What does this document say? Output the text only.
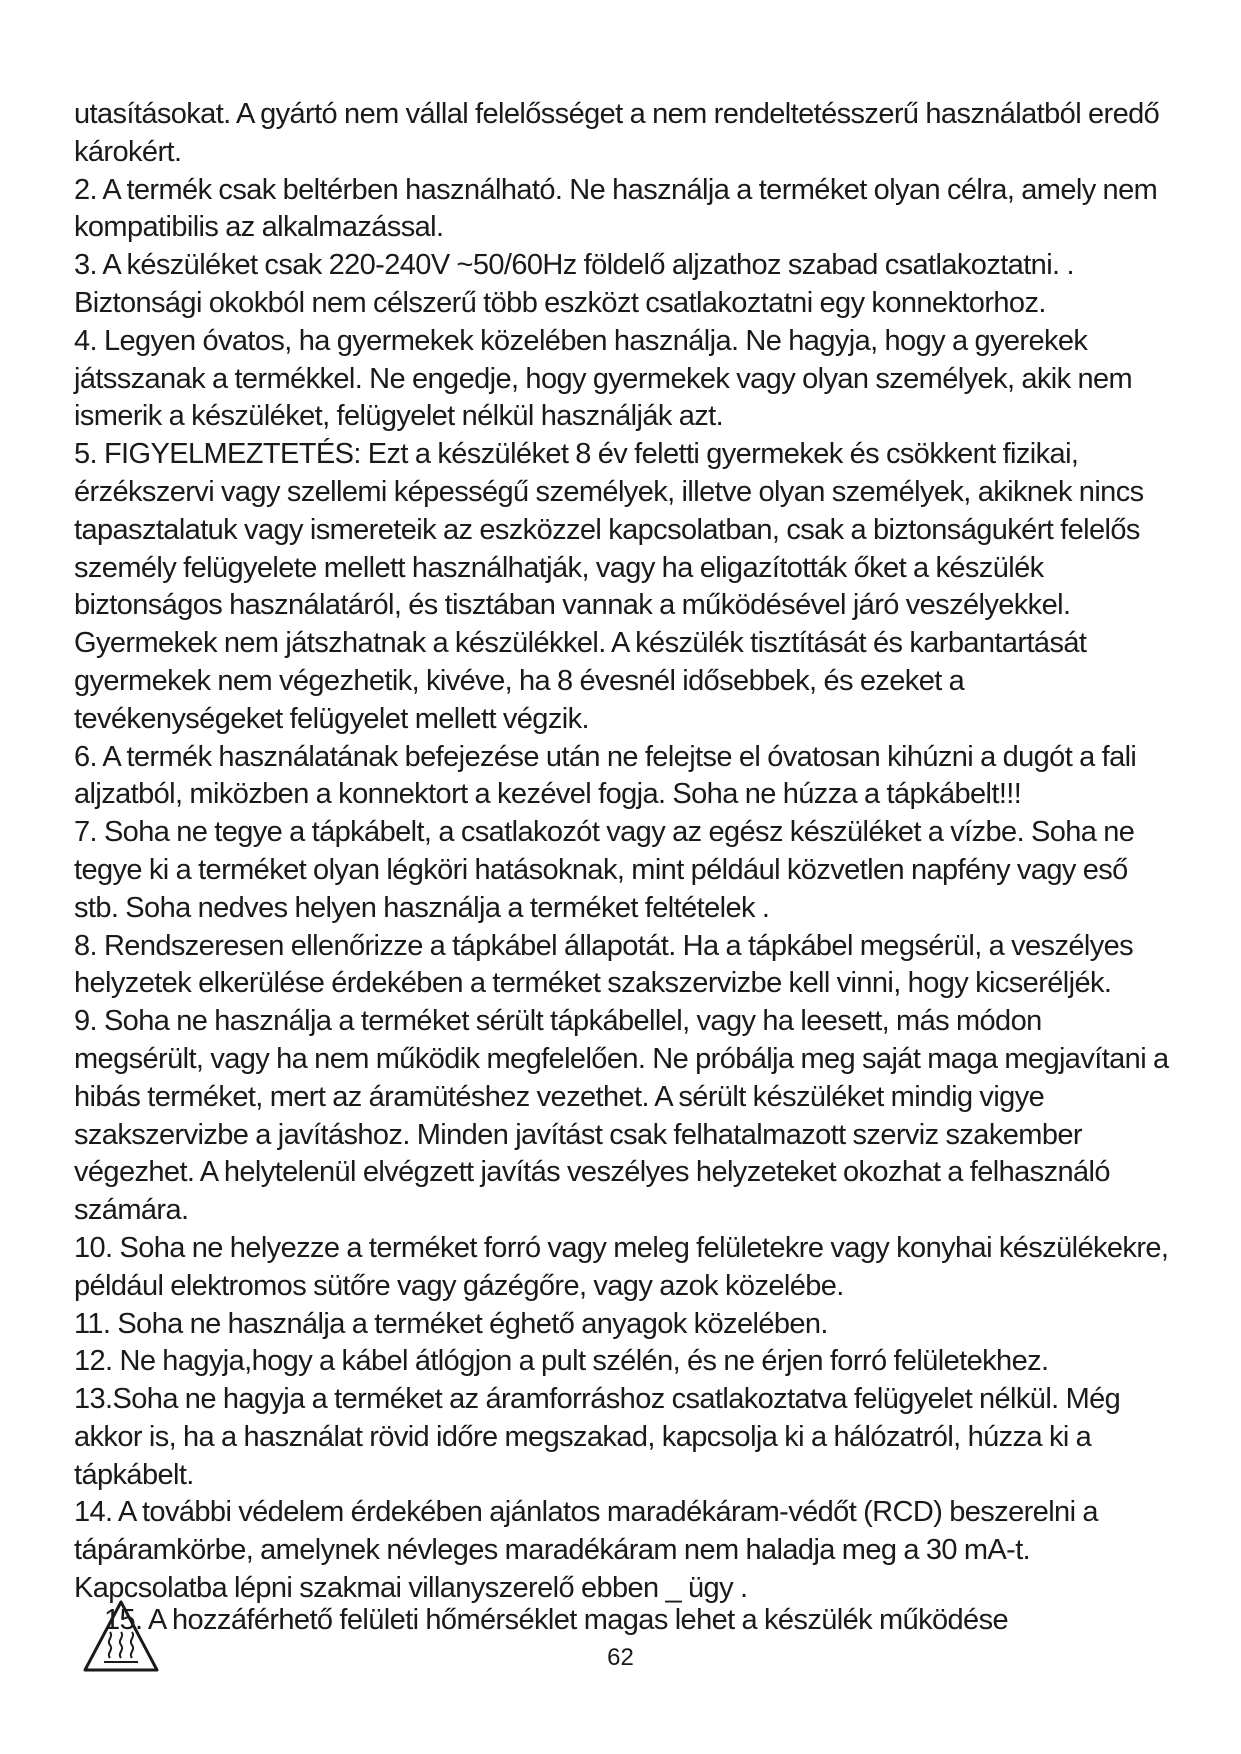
utasításokat. A gyártó nem vállal felelősséget a nem rendeltetésszerű használatból eredő károkért.

2. A termék csak beltérben használható. Ne használja a terméket olyan célra, amely nem kompatibilis az alkalmazással.

3. A készüléket csak 220-240V ~50/60Hz földelő aljzathoz szabad csatlakoztatni. . Biztonsági okokból nem célszerű több eszközt csatlakoztatni egy konnektorhoz.

4. Legyen óvatos, ha gyermekek közelében használja. Ne hagyja, hogy a gyerekek játsszanak a termékkel. Ne engedje, hogy gyermekek vagy olyan személyek, akik nem ismerik a készüléket, felügyelet nélkül használják azt.

5. FIGYELMEZTETÉS: Ezt a készüléket 8 év feletti gyermekek és csökkent fizikai, érzékszervi vagy szellemi képességű személyek, illetve olyan személyek, akiknek nincs tapasztalatuk vagy ismereteik az eszközzel kapcsolatban, csak a biztonságukért felelős személy felügyelete mellett használhatják, vagy ha eligazították őket a készülék biztonságos használatáról, és tisztában vannak a működésével járó veszélyekkel. Gyermekek nem játszhatnak a készülékkel. A készülék tisztítását és karbantartását gyermekek nem végezhetik, kivéve, ha 8 évesnél idősebbek, és ezeket a tevékenységeket felügyelet mellett végzik.

6. A termék használatának befejezése után ne felejtse el óvatosan kihúzni a dugót a fali aljzatból, miközben a konnektort a kezével fogja. Soha ne húzza a tápkábelt!!!

7. Soha ne tegye a tápkábelt, a csatlakozót vagy az egész készüléket a vízbe. Soha ne tegye ki a terméket olyan légköri hatásoknak, mint például közvetlen napfény vagy eső stb. Soha nedves helyen használja a terméket feltételek .

8. Rendszeresen ellenőrizze a tápkábel állapotát. Ha a tápkábel megsérül, a veszélyes helyzetek elkerülése érdekében a terméket szakszervizbe kell vinni, hogy kicseréljék.

9. Soha ne használja a terméket sérült tápkábellel, vagy ha leesett, más módon megsérült, vagy ha nem működik megfelelően. Ne próbálja meg saját maga megjavítani a hibás terméket, mert az áramütéshez vezethet. A sérült készüléket mindig vigye szakszervizbe a javításhoz. Minden javítást csak felhatalmazott szerviz szakember végezhet. A helytelenül elvégzett javítás veszélyes helyzeteket okozhat a felhasználó számára.

10. Soha ne helyezze a terméket forró vagy meleg felületekre vagy konyhai készülékekre, például elektromos sütőre vagy gázégőre, vagy azok közelébe.

11. Soha ne használja a terméket éghető anyagok közelében.

12. Ne hagyja,hogy a kábel átlógjon a pult szélén, és ne érjen forró felületekhez.

13.Soha ne hagyja a terméket az áramforráshoz csatlakoztatva felügyelet nélkül. Még akkor is, ha a használat rövid időre megszakad, kapcsolja ki a hálózatról, húzza ki a tápkábelt.

14. A további védelem érdekében ajánlatos maradékáram-védőt (RCD) beszerelni a tápáramkörbe, amelynek névleges maradékáram nem haladja meg a 30 mA-t. Kapcsolatba lépni szakmai villanyszerelő ebben _ ügy .

15. A hozzáférhető felületi hőmérséklet magas lehet a készülék működése
62
